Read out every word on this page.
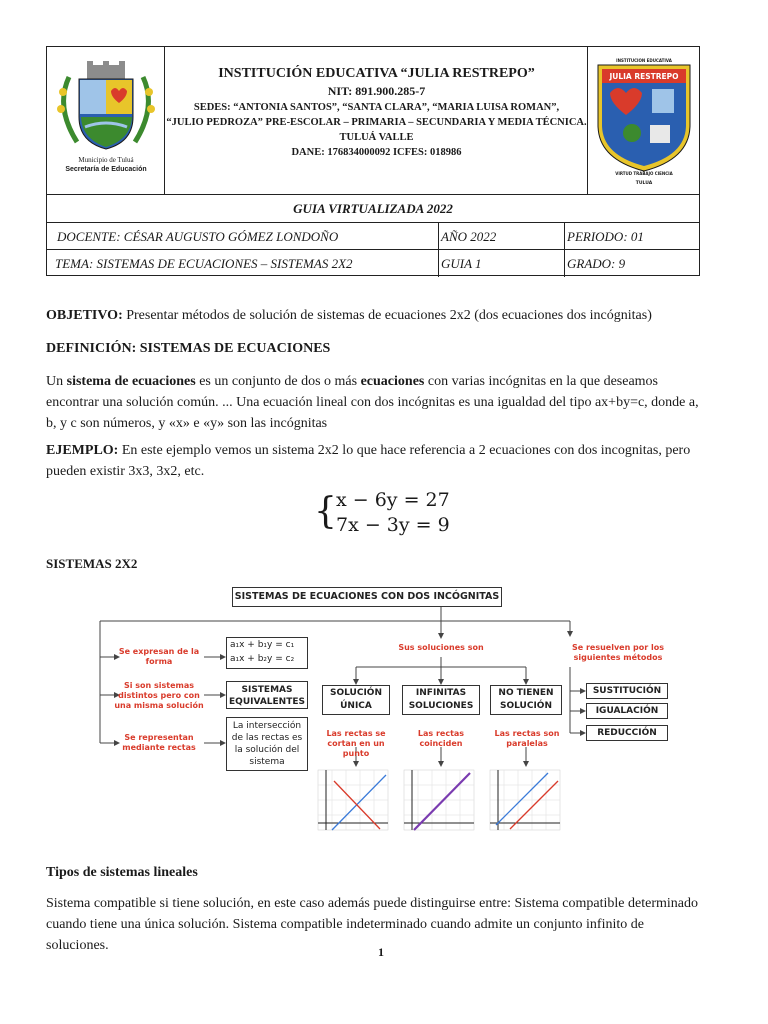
Municipio de Tuluá
Secretaría de Educación
INSTITUCIÓN EDUCATIVA “JULIA RESTREPO”
NIT: 891.900.285-7
SEDES: “ANTONIA SANTOS”, “SANTA CLARA”, “MARIA LUISA ROMAN”,
“JULIO PEDROZA” PRE-ESCOLAR – PRIMARIA – SECUNDARIA Y MEDIA TÉCNICA.
TULUÁ VALLE
DANE: 176834000092 ICFES: 018986
INSTITUCION EDUCATIVA
JULIA RESTREPO
VIRTUD TRABAJO CIENCIA
TULUA
GUIA VIRTUALIZADA 2022
DOCENTE: CÉSAR AUGUSTO GÓMEZ LONDOÑO	AÑO 2022	PERIODO: 01
TEMA: SISTEMAS DE ECUACIONES – SISTEMAS 2X2	GUIA 1	GRADO: 9
OBJETIVO: Presentar métodos de solución de sistemas de ecuaciones 2x2 (dos ecuaciones dos incógnitas)
DEFINICIÓN: SISTEMAS DE ECUACIONES
Un sistema de ecuaciones es un conjunto de dos o más ecuaciones con varias incógnitas en la que deseamos encontrar una solución común. ... Una ecuación lineal con dos incógnitas es una igualdad del tipo ax+by=c, donde a, b, y c son números, y «x» e «y» son las incógnitas
EJEMPLO: En este ejemplo vemos un sistema 2x2 lo que hace referencia a 2 ecuaciones con dos incognitas, pero pueden existir 3x3, 3x2, etc.
{ x − 6y = 27
7x − 3y = 9
SISTEMAS 2X2
SISTEMAS DE ECUACIONES CON DOS INCÓGNITAS
Se expresan de la forma
Si son sistemas distintos pero con una misma solución
Se representan mediante rectas
a₁x + b₁y = c₁
a₁x + b₂y = c₂
SISTEMAS EQUIVALENTES
La intersección de las rectas es la solución del sistema
Sus soluciones son
SOLUCIÓN ÚNICA
INFINITAS SOLUCIONES
NO TIENEN SOLUCIÓN
Las rectas se cortan en un punto
Las rectas coinciden
Las rectas son paralelas
Se resuelven por los siguientes métodos
SUSTITUCIÓN
IGUALACIÓN
REDUCCIÓN
Tipos de sistemas lineales
Sistema compatible si tiene solución, en este caso además puede distinguirse entre: Sistema compatible determinado cuando tiene una única solución. Sistema compatible indeterminado cuando admite un conjunto infinito de soluciones.	1
